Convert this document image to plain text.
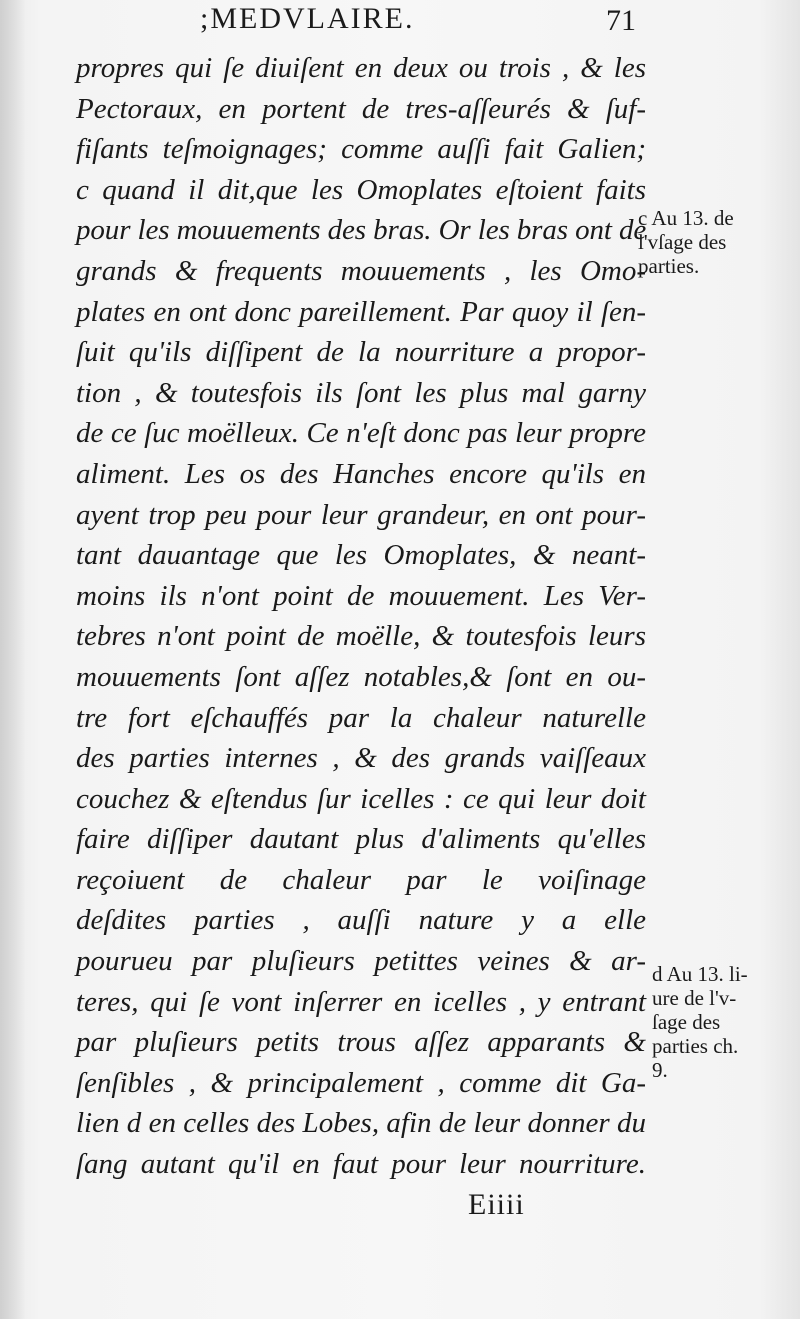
;MEDVLAIRE.	71
propres qui ſe diuiſent en deux ou trois , & les
Pectoraux, en portent de tres-aſſeurés & ſuf-
fiſants teſmoignages; comme auſſi fait Galien;
c quand il dit,que les Omoplates eſtoient faits
pour les mouuements des bras. Or les bras ont de
grands & frequents mouuements , les Omo-
plates en ont donc pareillement. Par quoy il ſen-
ſuit qu'ils diſſipent de la nourriture a propor-
tion , & toutesfois ils ſont les plus mal garny
de ce ſuc moëlleux. Ce n'eſt donc pas leur propre
aliment. Les os des Hanches encore qu'ils en
ayent trop peu pour leur grandeur, en ont pour-
tant dauantage que les Omoplates, & neant-
moins ils n'ont point de mouuement. Les Ver-
tebres n'ont point de moëlle, & toutesfois leurs
mouuements ſont aſſez notables,& ſont en ou-
tre fort eſchauffés par la chaleur naturelle
des parties internes , & des grands vaiſſeaux
couchez & eſtendus ſur icelles : ce qui leur doit
faire diſſiper dautant plus d'aliments qu'elles
reçoiuent de chaleur par le voiſinage
deſdites parties , auſſi nature y a elle
pourueu par pluſieurs petittes veines & ar-
teres, qui ſe vont inſerrer en icelles , y entrant
par pluſieurs petits trous aſſez apparants &
ſenſibles , & principalement , comme dit Ga-
lien d en celles des Lobes, afin de leur donner du
ſang autant qu'il en faut pour leur nourriture.
c Au 13. de
l'vſage des
parties.
d Au 13. li-
ure de l'v-
ſage des
parties ch.
9.
Eiiii
